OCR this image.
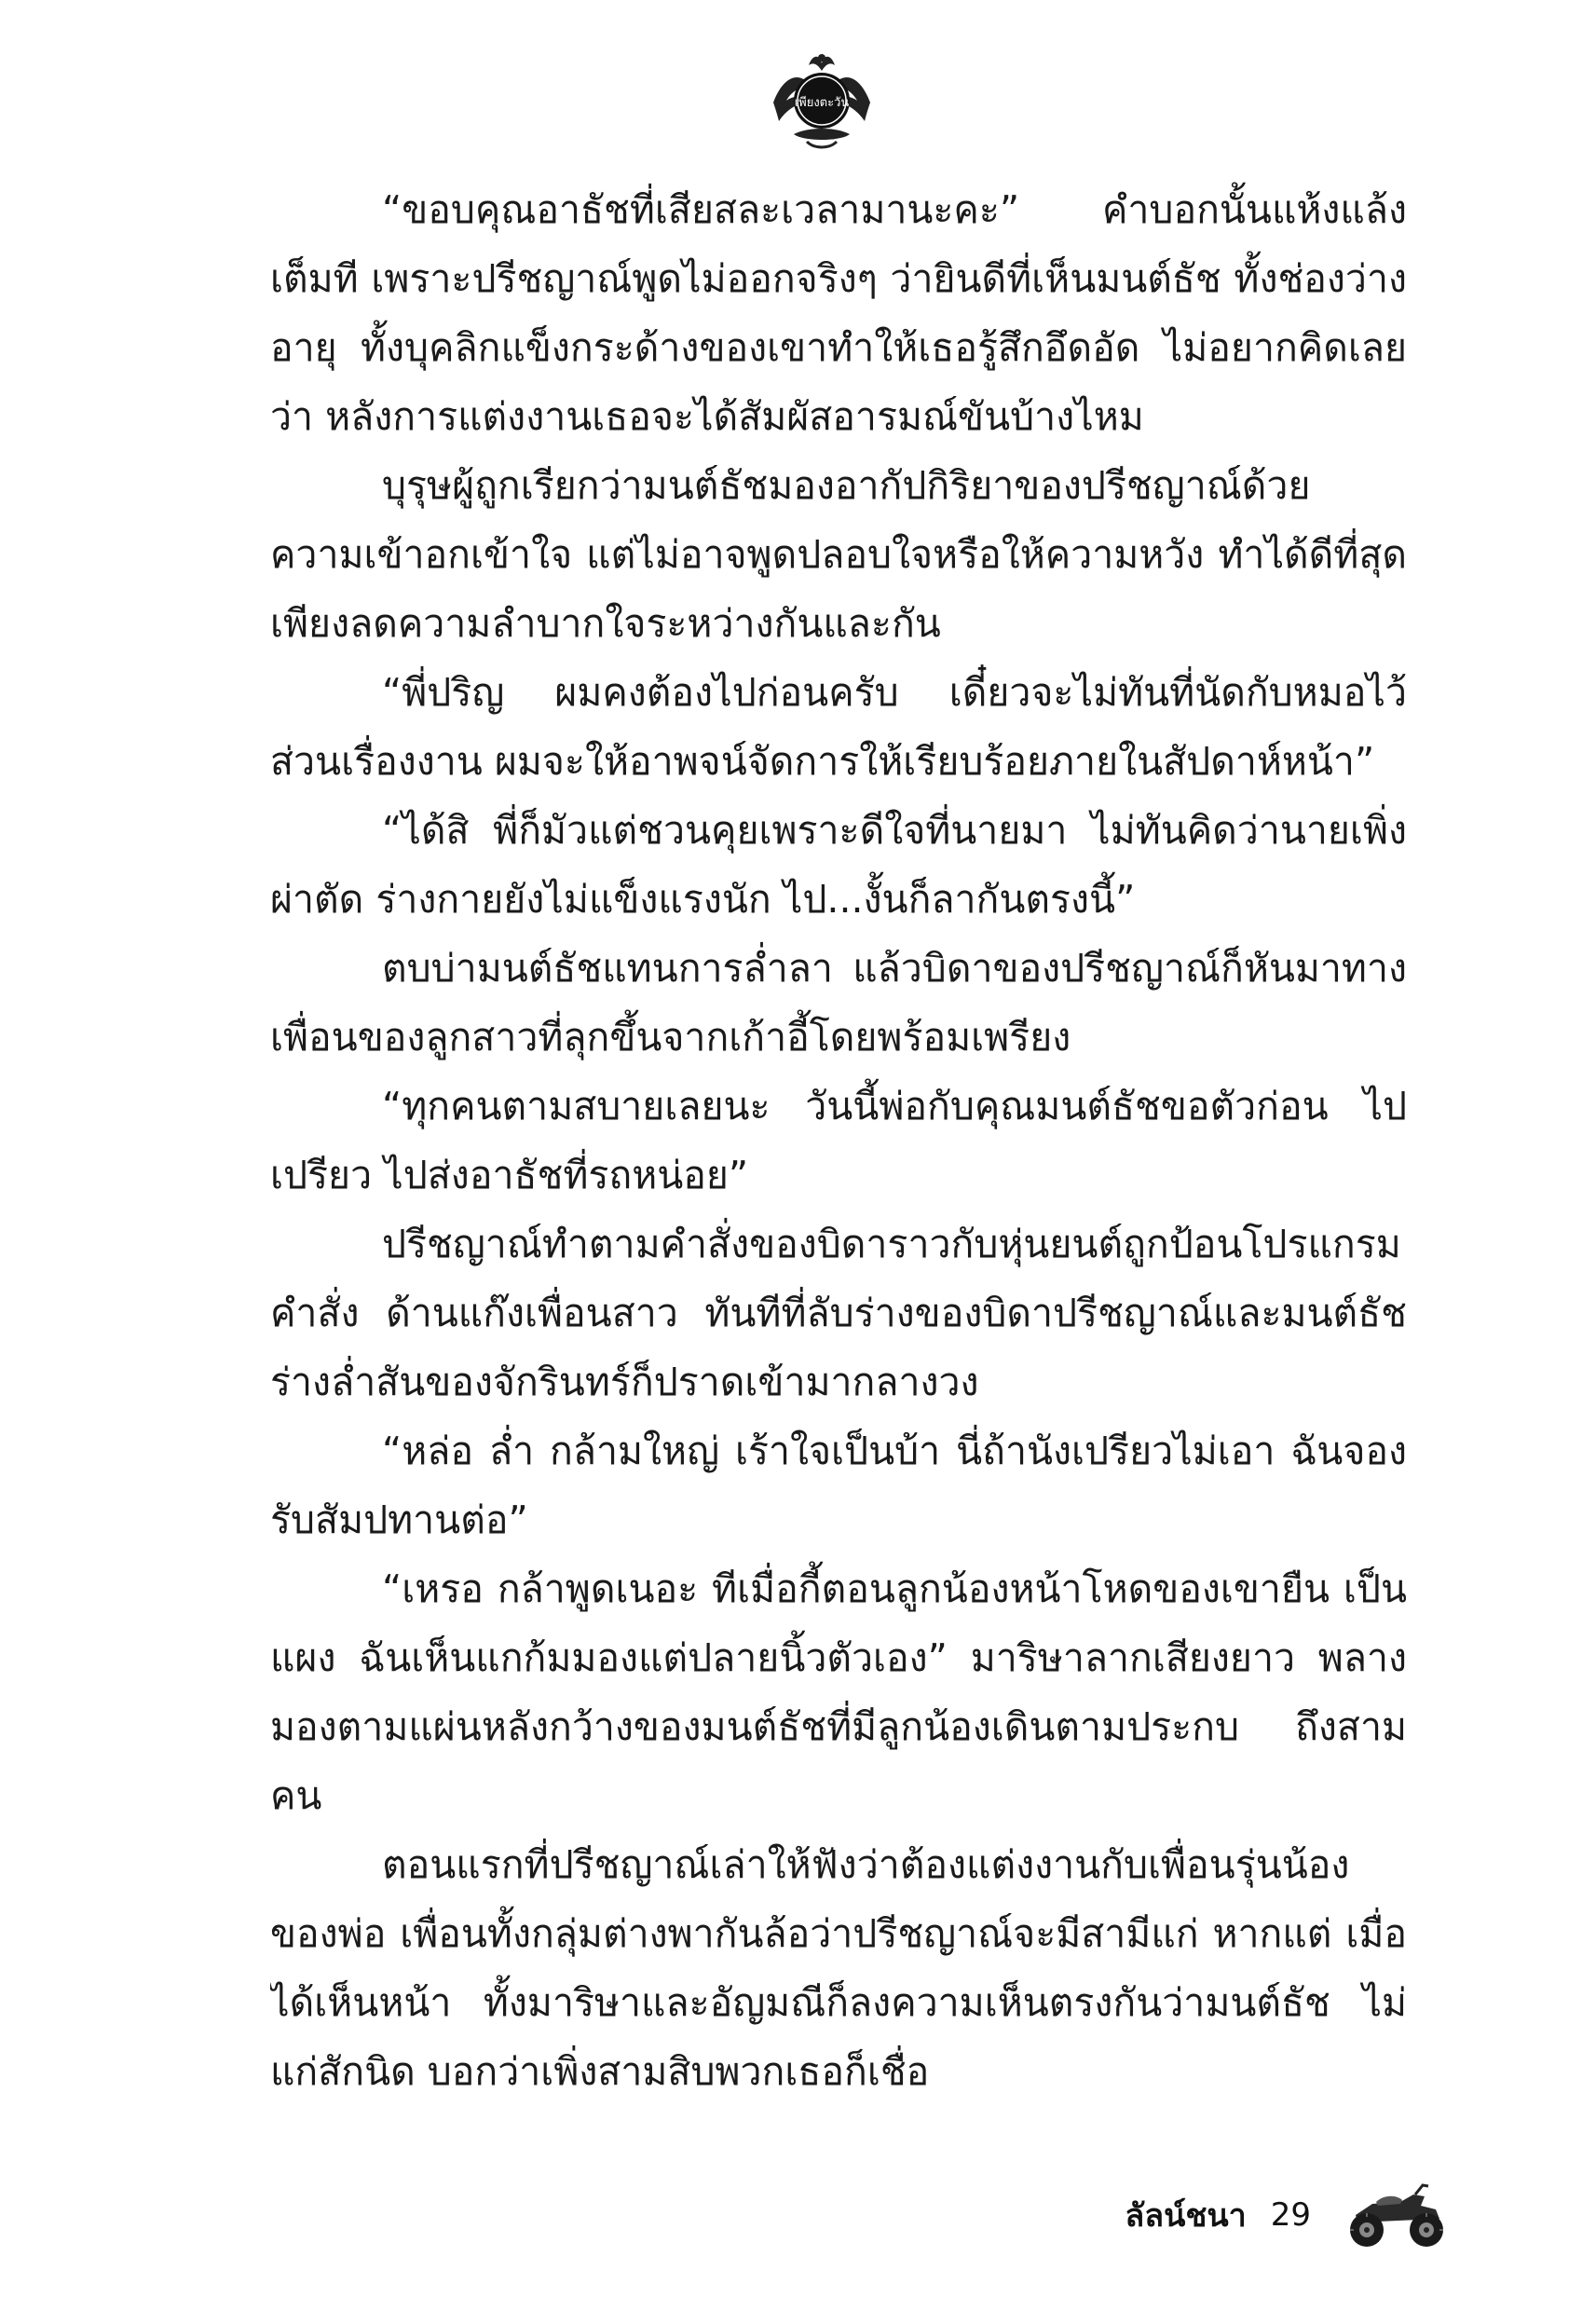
เพียงตะวัน

“ขอบคุณอาธัชที่เสียสละเวลามานะคะ” คำบอกนั้นแห้งแล้งเต็มที เพราะปรีชญาณ์พูดไม่ออกจริงๆ ว่ายินดีที่เห็นมนต์ธัช ทั้งช่องว่างอายุ ทั้งบุคลิกแข็งกระด้างของเขาทำให้เธอรู้สึกอึดอัด ไม่อยากคิดเลยว่า หลังการแต่งงานเธอจะได้สัมผัสอารมณ์ขันบ้างไหม

บุรุษผู้ถูกเรียกว่ามนต์ธัชมองอากัปกิริยาของปรีชญาณ์ด้วย ความเข้าอกเข้าใจ แต่ไม่อาจพูดปลอบใจหรือให้ความหวัง ทำได้ดีที่สุด เพียงลดความลำบากใจระหว่างกันและกัน

“พี่ปริญ ผมคงต้องไปก่อนครับ เดี๋ยวจะไม่ทันที่นัดกับหมอไว้ ส่วนเรื่องงาน ผมจะให้อาพจน์จัดการให้เรียบร้อยภายในสัปดาห์หน้า”

“ได้สิ พี่ก็มัวแต่ชวนคุยเพราะดีใจที่นายมา ไม่ทันคิดว่านายเพิ่ง ผ่าตัด ร่างกายยังไม่แข็งแรงนัก ไป...งั้นก็ลากันตรงนี้”

ตบบ่ามนต์ธัชแทนการล่ำลา แล้วบิดาของปรีชญาณ์ก็หันมาทาง เพื่อนของลูกสาวที่ลุกขึ้นจากเก้าอี้โดยพร้อมเพรียง

“ทุกคนตามสบายเลยนะ วันนี้พ่อกับคุณมนต์ธัชขอตัวก่อน ไปเปรียว ไปส่งอาธัชที่รถหน่อย”

ปรีชญาณ์ทำตามคำสั่งของบิดาราวกับหุ่นยนต์ถูกป้อนโปรแกรม คำสั่ง ด้านแก๊งเพื่อนสาว ทันทีที่ลับร่างของบิดาปรีชญาณ์และมนต์ธัช ร่างล่ำสันของจักรินทร์ก็ปราดเข้ามากลางวง

“หล่อ ล่ำ กล้ามใหญ่ เร้าใจเป็นบ้า นี่ถ้านังเปรียวไม่เอา ฉันจอง รับสัมปทานต่อ”

“เหรอ กล้าพูดเนอะ ทีเมื่อกี้ตอนลูกน้องหน้าโหดของเขายืน เป็นแผง ฉันเห็นแกก้มมองแต่ปลายนิ้วตัวเอง” มาริษาลากเสียงยาว พลางมองตามแผ่นหลังกว้างของมนต์ธัชที่มีลูกน้องเดินตามประกบ ถึงสามคน

ตอนแรกที่ปรีชญาณ์เล่าให้ฟังว่าต้องแต่งงานกับเพื่อนรุ่นน้อง ของพ่อ เพื่อนทั้งกลุ่มต่างพากันล้อว่าปรีชญาณ์จะมีสามีแก่ หากแต่ เมื่อได้เห็นหน้า ทั้งมาริษาและอัญมณีก็ลงความเห็นตรงกันว่ามนต์ธัช ไม่แก่สักนิด บอกว่าเพิ่งสามสิบพวกเธอก็เชื่อ

ลัลน์ชนา 29
